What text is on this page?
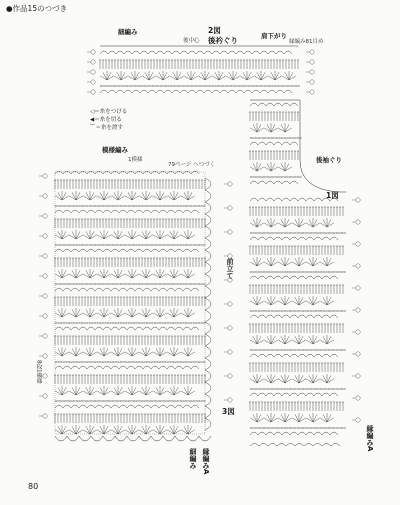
●作品15のつづき
2図
後衿ぐり
後中心
肩下がり
細編み
縁編み81目め
◁＝糸をつける
◀＝糸を切る
⌒＝糸を渡す
後袖ぐり
1図
縁編みA
模様編み
1模様
79ページ へつづく
前立て
8段1模様
3図
細編み 縁編みA
80
